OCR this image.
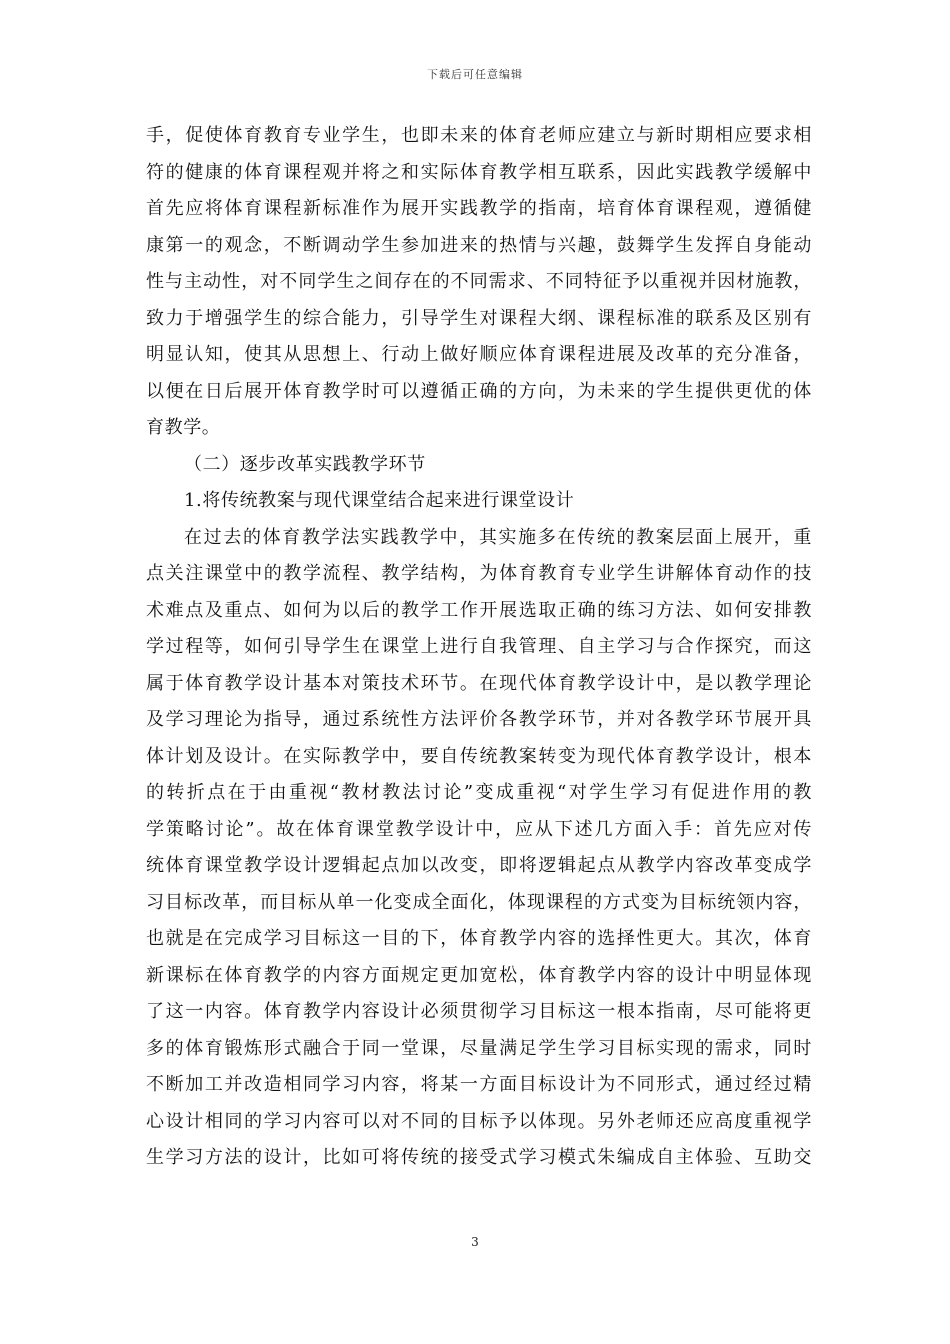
下载后可任意编辑
手，促使体育教育专业学生，也即未来的体育老师应建立与新时期相应要求相
符的健康的体育课程观并将之和实际体育教学相互联系，因此实践教学缓解中
首先应将体育课程新标准作为展开实践教学的指南，培育体育课程观，遵循健
康第一的观念，不断调动学生参加进来的热情与兴趣，鼓舞学生发挥自身能动
性与主动性，对不同学生之间存在的不同需求、不同特征予以重视并因材施教，
致力于增强学生的综合能力，引导学生对课程大纲、课程标准的联系及区别有
明显认知，使其从思想上、行动上做好顺应体育课程进展及改革的充分准备，
以便在日后展开体育教学时可以遵循正确的方向，为未来的学生提供更优的体
育教学。
（二）逐步改革实践教学环节
1.将传统教案与现代课堂结合起来进行课堂设计
在过去的体育教学法实践教学中，其实施多在传统的教案层面上展开，重
点关注课堂中的教学流程、教学结构，为体育教育专业学生讲解体育动作的技
术难点及重点、如何为以后的教学工作开展选取正确的练习方法、如何安排教
学过程等，如何引导学生在课堂上进行自我管理、自主学习与合作探究，而这
属于体育教学设计基本对策技术环节。在现代体育教学设计中，是以教学理论
及学习理论为指导，通过系统性方法评价各教学环节，并对各教学环节展开具
体计划及设计。在实际教学中，要自传统教案转变为现代体育教学设计，根本
的转折点在于由重视“教材教法讨论”变成重视“对学生学习有促进作用的教
学策略讨论”。故在体育课堂教学设计中，应从下述几方面入手：首先应对传
统体育课堂教学设计逻辑起点加以改变，即将逻辑起点从教学内容改革变成学
习目标改革，而目标从单一化变成全面化，体现课程的方式变为目标统领内容，
也就是在完成学习目标这一目的下，体育教学内容的选择性更大。其次，体育
新课标在体育教学的内容方面规定更加宽松，体育教学内容的设计中明显体现
了这一内容。体育教学内容设计必须贯彻学习目标这一根本指南，尽可能将更
多的体育锻炼形式融合于同一堂课，尽量满足学生学习目标实现的需求，同时
不断加工并改造相同学习内容，将某一方面目标设计为不同形式，通过经过精
心设计相同的学习内容可以对不同的目标予以体现。另外老师还应高度重视学
生学习方法的设计，比如可将传统的接受式学习模式朱编成自主体验、互助交
3
